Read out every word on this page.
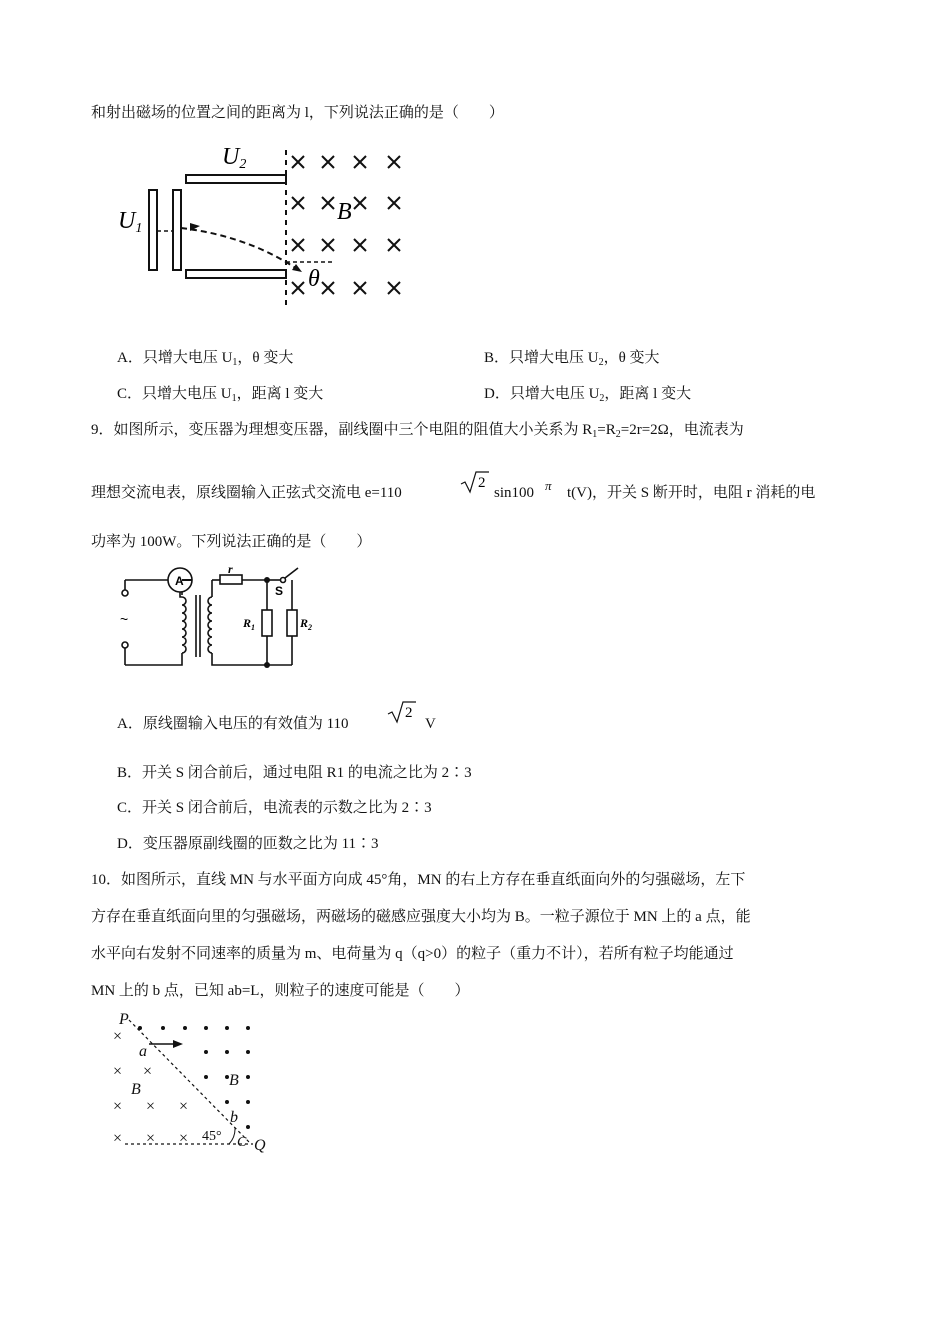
和射出磁场的位置之间的距离为 l，下列说法正确的是（　　）
U1
U2
B
θ
A．只增大电压 $U_1$，θ 变大	B．只增大电压 $U_2$，θ 变大
C．只增大电压 $U_1$，距离 l 变大	D．只增大电压 $U_2$，距离 l 变大
9．如图所示，变压器为理想变压器，副线圈中三个电阻的阻值大小关系为 $R_1=R_2=2r=2\Omega$，电流表为
理想交流电表，原线圈输入正弦式交流电 e=110
2
sin100 π t(V)，开关 S 断开时，电阻 r 消耗的电
功率为 100W。下列说法正确的是（　　）
A
r
S
$R_1$	$R_2$
~
A．原线圈输入电压的有效值为 110
2
V
B．开关 S 闭合前后，通过电阻 R1 的电流之比为 2∶3
C．开关 S 闭合前后，电流表的示数之比为 2∶3
D．变压器原副线圈的匝数之比为 11∶3
10．如图所示，直线 MN 与水平面方向成 45°角，MN 的右上方存在垂直纸面向外的匀强磁场，左下
方存在垂直纸面向里的匀强磁场，两磁场的磁感应强度大小均为 B。一粒子源位于 MN 上的 a 点，能
水平向右发射不同速率的质量为 m、电荷量为 q（q>0）的粒子（重力不计），若所有粒子均能通过
MN 上的 b 点，已知 ab=L，则粒子的速度可能是（　　）
×
× ×
× × ×
× × ×
P
a
B
B
b
C Q
45°
